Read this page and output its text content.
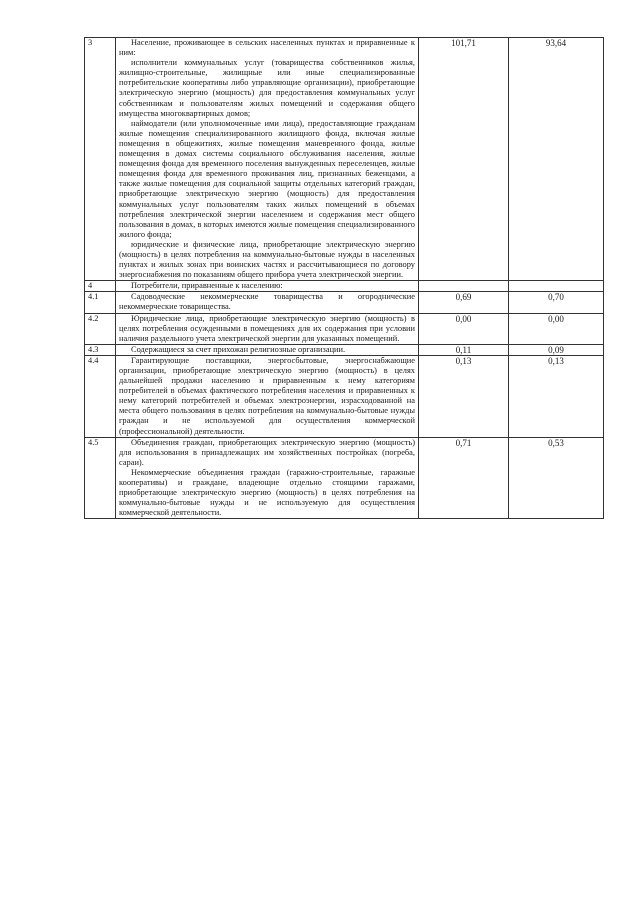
3	Население, проживающее в сельских населенных пунктах и приравненные к ним:

исполнители коммунальных услуг (товарищества собственников жилья, жилищно-строительные, жилищные или иные специализированные потребительские кооперативы либо управляющие организации), приобретающие электрическую энергию (мощность) для предоставления коммунальных услуг собственникам и пользователям жилых помещений и содержания общего имущества многоквартирных домов;

наймодатели (или уполномоченные ими лица), предоставляющие гражданам жилые помещения специализированного жилищного фонда, включая жилые помещения в общежитиях, жилые помещения маневренного фонда, жилые помещения в домах системы социального обслуживания населения, жилые помещения фонда для временного поселения вынужденных переселенцев, жилые помещения фонда для временного проживания лиц, признанных беженцами, а также жилые помещения для социальной защиты отдельных категорий граждан, приобретающие электрическую энергию (мощность) для предоставления коммунальных услуг пользователям таких жилых помещений в объемах потребления электрической энергии населением и содержания мест общего пользования в домах, в которых имеются жилые помещения специализированного жилого фонда;

юридические и физические лица, приобретающие электрическую энергию (мощность) в целях потребления на коммунально-бытовые нужды в населенных пунктах и жилых зонах при воинских частях и рассчитывающиеся по договору энергоснабжения по показаниям общего прибора учета электрической энергии.	101,71	93,64
4	Потребители, приравненные к населению:		

4.1	Садоводческие некоммерческие товарищества и огороднические некоммерческие товарищества.	0,69	0,70
4.2	Юридические лица, приобретающие электрическую энергию (мощность) в целях потребления осужденными в помещениях для их содержания при условии наличия раздельного учета электрической энергии для указанных помещений.	0,00	0,00
4.3	Содержащиеся за счет прихожан религиозные организации.	0,11	0,09
4.4	Гарантирующие поставщики, энергосбытовые, энергоснабжающие организации, приобретающие электрическую энергию (мощность) в целях дальнейшей продажи населению и приравненным к нему категориям потребителей в объемах фактического потребления населения и приравненных к нему категорий потребителей и объемах электроэнергии, израсходованной на места общего пользования в целях потребления на коммунально-бытовые нужды граждан и не используемой для осуществления коммерческой (профессиональной) деятельности.	0,13	0,13
4.5	Объединения граждан, приобретающих электрическую энергию (мощность) для использования в принадлежащих им хозяйственных постройках (погреба, сараи).

Некоммерческие объединения граждан (гаражно-строительные, гаражные кооперативы) и граждане, владеющие отдельно стоящими гаражами, приобретающие электрическую энергию (мощность) в целях потребления на коммунально-бытовые нужды и не используемую для осуществления коммерческой деятельности.	0,71	0,53
